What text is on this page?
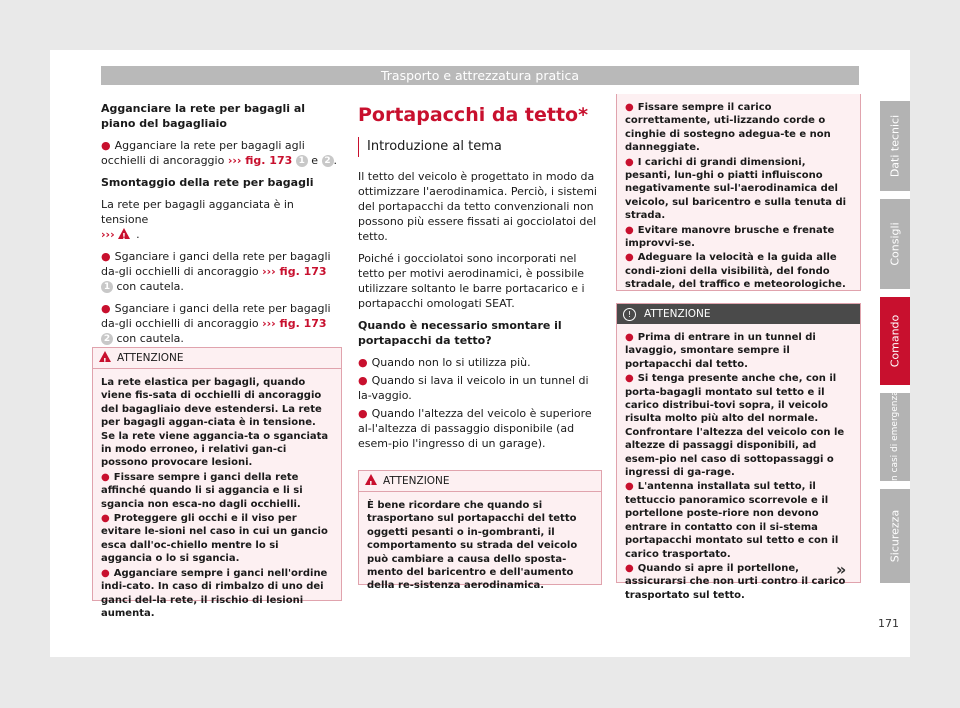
Trasporto e attrezzatura pratica

Agganciare la rete per bagagli al piano del bagagliaio

● Agganciare la rete per bagagli agli occhielli di ancoraggio ››› fig. 173 1 e 2 .

Smontaggio della rete per bagagli

La rete per bagagli agganciata è in tensione
››› ! .

● Sganciare i ganci della rete per bagagli da-gli occhielli di ancoraggio ››› fig. 173 1 con cautela.

● Sganciare i ganci della rete per bagagli da-gli occhielli di ancoraggio ››› fig. 173 2 con cautela.

!ATTENZIONE

La rete elastica per bagagli, quando viene fis-sata di occhielli di ancoraggio del bagagliaio deve estendersi. La rete per bagagli aggan-ciata è in tensione. Se la rete viene aggancia-ta o sganciata in modo erroneo, i relativi gan-ci possono provocare lesioni.

● Fissare sempre i ganci della rete affinché quando li si aggancia e li si sgancia non esca-no dagli occhielli.

● Proteggere gli occhi e il viso per evitare le-sioni nel caso in cui un gancio esca dall'oc-chiello mentre lo si aggancia o lo si sgancia.

● Agganciare sempre i ganci nell'ordine indi-cato. In caso di rimbalzo di uno dei ganci del-la rete, il rischio di lesioni aumenta.

Portapacchi da tetto*
Introduzione al tema

Il tetto del veicolo è progettato in modo da ottimizzare l'aerodinamica. Perciò, i sistemi del portapacchi da tetto convenzionali non possono più essere fissati ai gocciolatoi del tetto.

Poiché i gocciolatoi sono incorporati nel tetto per motivi aerodinamici, è possibile utilizzare soltanto le barre portacarico e i portapacchi omologati SEAT.

Quando è necessario smontare il portapacchi da tetto?

● Quando non lo si utilizza più.

● Quando si lava il veicolo in un tunnel di la-vaggio.

● Quando l'altezza del veicolo è superiore al-l'altezza di passaggio disponibile (ad esem-pio l'ingresso di un garage).

!ATTENZIONE

È bene ricordare che quando si trasportano sul portapacchi del tetto oggetti pesanti o in-gombranti, il comportamento su strada del veicolo può cambiare a causa dello sposta-mento del baricentro e dell'aumento della re-sistenza aerodinamica.

● Fissare sempre il carico correttamente, uti-lizzando corde o cinghie di sostegno adegua-te e non danneggiate.

● I carichi di grandi dimensioni, pesanti, lun-ghi o piatti influiscono negativamente sul-l'aerodinamica del veicolo, sul baricentro e sulla tenuta di strada.

● Evitare manovre brusche e frenate improvvi-se.

● Adeguare la velocità e la guida alle condi-zioni della visibilità, del fondo stradale, del traffico e meteorologiche.

! ATTENZIONE

● Prima di entrare in un tunnel di lavaggio, smontare sempre il portapacchi dal tetto.

● Si tenga presente anche che, con il porta-bagagli montato sul tetto e il carico distribui-tovi sopra, il veicolo risulta molto più alto del normale. Confrontare l'altezza del veicolo con le altezze di passaggi disponibili, ad esem-pio nel caso di sottopassaggi o ingressi di ga-rage.

● L'antenna installata sul tetto, il tettuccio panoramico scorrevole e il portellone poste-riore non devono entrare in contatto con il si-stema portapacchi montato sul tetto e con il carico trasportato.

● Quando si apre il portellone, assicurarsi che non urti contro il carico trasportato sul tetto.

»
Dati tecnici
Consigli
Comando
In casi di emergenza
Sicurezza
171
